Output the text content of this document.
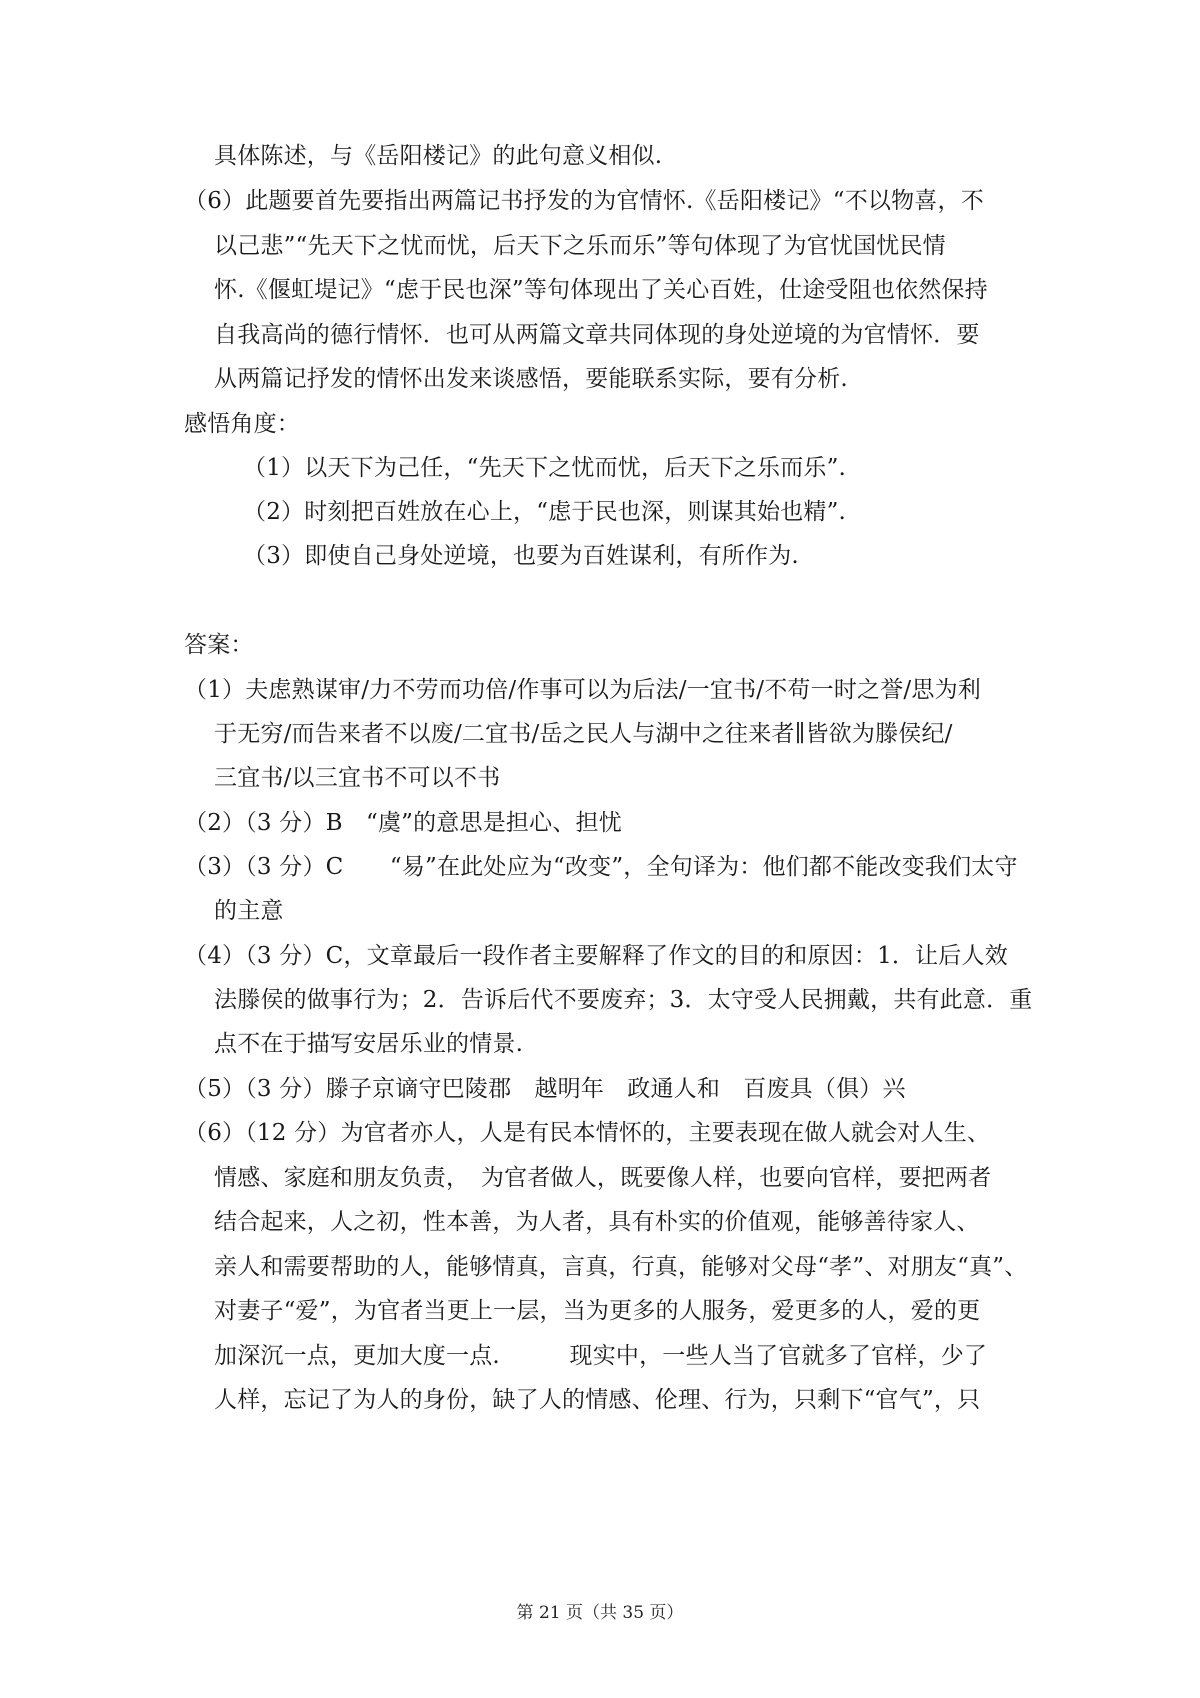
具体陈述，与《岳阳楼记》的此句意义相似.
（6）此题要首先要指出两篇记书抒发的为官情怀.《岳阳楼记》“不以物喜，不
以己悲”“先天下之忧而忧，后天下之乐而乐”等句体现了为官忧国忧民情
怀.《偃虹堤记》“虑于民也深”等句体现出了关心百姓，仕途受阻也依然保持
自我高尚的德行情怀．也可从两篇文章共同体现的身处逆境的为官情怀．要
从两篇记抒发的情怀出发来谈感悟，要能联系实际，要有分析.
感悟角度：
（1）以天下为己任，“先天下之忧而忧，后天下之乐而乐”.
（2）时刻把百姓放在心上，“虑于民也深，则谋其始也精”.
（3）即使自己身处逆境，也要为百姓谋利，有所作为.
答案：
（1）夫虑熟谋审/力不劳而功倍/作事可以为后法/一宜书/不苟一时之誉/思为利
于无穷/而告来者不以废/二宜书/岳之民人与湖中之往来者∥皆欲为滕侯纪/
三宜书/以三宜书不可以不书
（2）（3 分）B　“虞”的意思是担心、担忧
（3）（3 分）C　　“易”在此处应为“改变”，全句译为：他们都不能改变我们太守
的主意
（4）（3 分）C，文章最后一段作者主要解释了作文的目的和原因：1．让后人效
法滕侯的做事行为；2．告诉后代不要废弃；3．太守受人民拥戴，共有此意．重
点不在于描写安居乐业的情景.
（5）（3 分）滕子京谪守巴陵郡　越明年　政通人和　百废具（俱）兴
（6）（12 分）为官者亦人，人是有民本情怀的，主要表现在做人就会对人生、
情感、家庭和朋友负责，　为官者做人，既要像人样，也要向官样，要把两者
结合起来，人之初，性本善，为人者，具有朴实的价值观，能够善待家人、
亲人和需要帮助的人，能够情真，言真，行真，能够对父母“孝”、对朋友“真”、
对妻子“爱”，为官者当更上一层，当为更多的人服务，爱更多的人，爱的更
加深沉一点，更加大度一点.　　　现实中，一些人当了官就多了官样，少了
人样，忘记了为人的身份，缺了人的情感、伦理、行为，只剩下“官气”，只
第 21 页（共 35 页）
